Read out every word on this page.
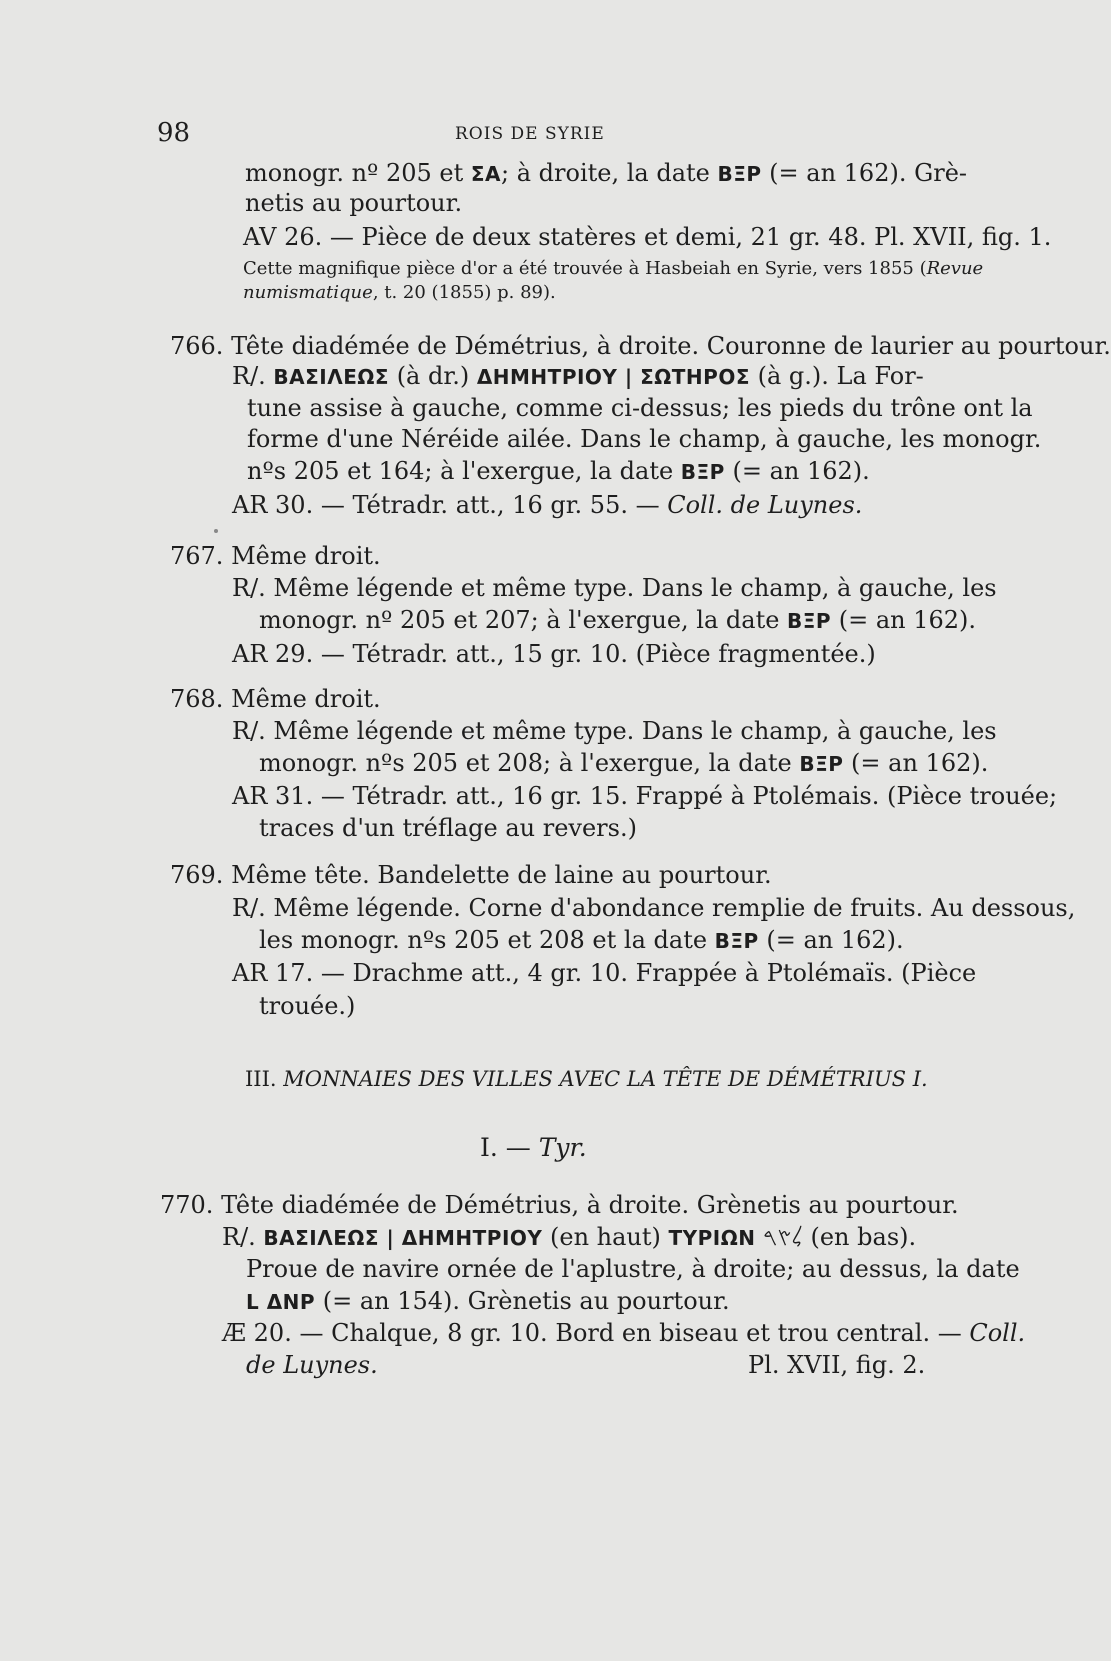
98	ROIS DE SYRIE
monogr. nº 205 et ΣΑ; à droite, la date ΒΞΡ (= an 162). Grè-
netis au pourtour.
AV 26. — Pièce de deux statères et demi, 21 gr. 48. Pl. XVII, fig. 1.
Cette magnifique pièce d'or a été trouvée à Hasbeiah en Syrie, vers 1855 (Revue
numismatique, t. 20 (1855) p. 89).
766. Tête diadémée de Démétrius, à droite. Couronne de laurier au pourtour.
R/. ΒΑΣΙΛΕΩΣ (à dr.) ΔΗΜΗΤΡΙΟΥ | ΣΩΤΗΡΟΣ (à g.). La For-
tune assise à gauche, comme ci-dessus; les pieds du trône ont la
forme d'une Néréide ailée. Dans le champ, à gauche, les monogr.
nºs 205 et 164; à l'exergue, la date ΒΞΡ (= an 162).
AR 30. — Tétradr. att., 16 gr. 55. — Coll. de Luynes.
767. Même droit.
R/. Même légende et même type. Dans le champ, à gauche, les
monogr. nº 205 et 207; à l'exergue, la date ΒΞΡ (= an 162).
AR 29. — Tétradr. att., 15 gr. 10. (Pièce fragmentée.)
768. Même droit.
R/. Même légende et même type. Dans le champ, à gauche, les
monogr. nºs 205 et 208; à l'exergue, la date ΒΞΡ (= an 162).
AR 31. — Tétradr. att., 16 gr. 15. Frappé à Ptolémais. (Pièce trouée;
traces d'un tréflage au revers.)
769. Même tête. Bandelette de laine au pourtour.
R/. Même légende. Corne d'abondance remplie de fruits. Au dessous,
les monogr. nºs 205 et 208 et la date ΒΞΡ (= an 162).
AR 17. — Drachme att., 4 gr. 10. Frappée à Ptolémaïs. (Pièce
trouée.)
III. MONNAIES DES VILLES AVEC LA TÊTE DE DÉMÉTRIUS I.
I. — Tyr.
770. Tête diadémée de Démétrius, à droite. Grènetis au pourtour.
R/. ΒΑΣΙΛΕΩΣ | ΔΗΜΗΤΡΙΟΥ (en haut) ΤΥΡΙΩΝ 𐤋𐤑𐤓 (en bas).
Proue de navire ornée de l'aplustre, à droite; au dessus, la date
L ΔΝΡ (= an 154). Grènetis au pourtour.
Æ 20. — Chalque, 8 gr. 10. Bord en biseau et trou central. — Coll.
de Luynes.	Pl. XVII, fig. 2.
